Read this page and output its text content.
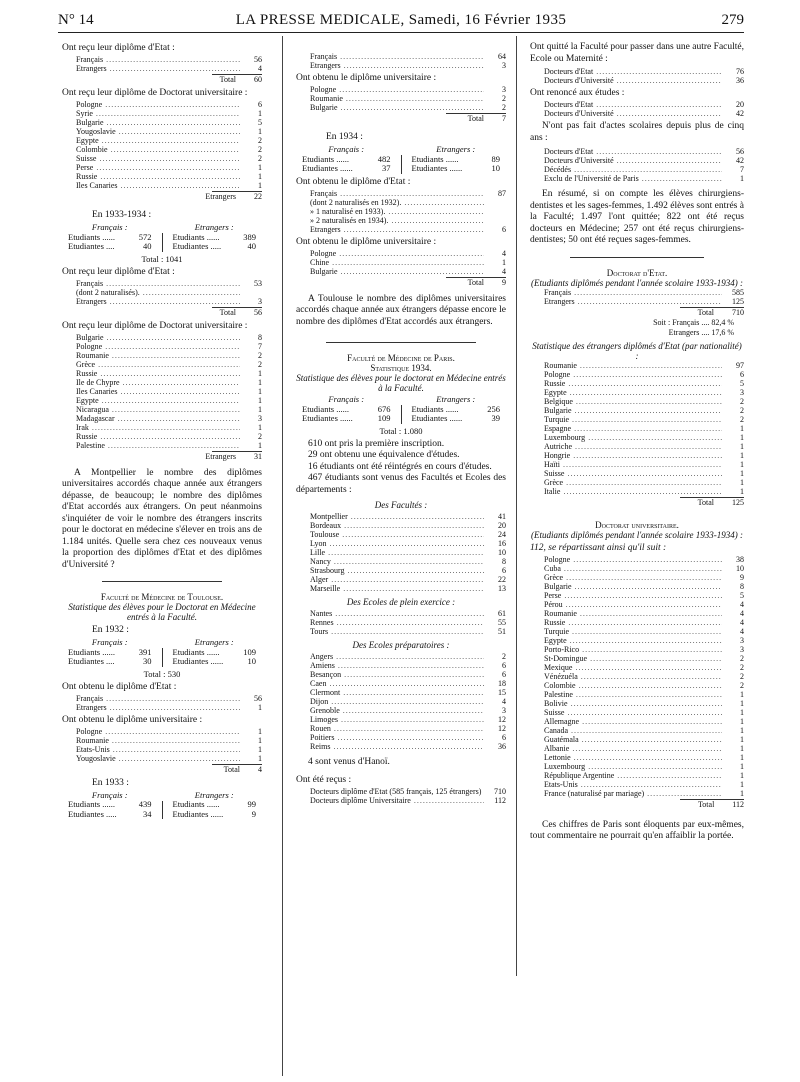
N° 14	LA PRESSE MEDICALE, Samedi, 16 Février 1935	279
Ont reçu leur diplôme d'Etat :
Français .....	56
Etrangers .....	4
Total 60
Ont reçu leur diplôme de Doctorat universitaire :
Pologne .....	6
Syrie .....	1
Bulgarie .....	5
Yougoslavie .....	1
Egypte .....	2
Colombie .....	2
Suisse .....	2
Perse .....	1
Russie .....	1
Iles Canaries .....	1
Etrangers 22
En 1933-1934 :
Français :
Etudiants ......	572
Etudiantes ....	40
Etrangers :
Etudiants ......	389
Etudiantes .....	40
Total : 1041
Ont reçu leur diplôme d'Etat :
Français .....	53
(dont 2 naturalisés). .....
Etrangers .....	3
Total 56
Ont reçu leur diplôme de Doctorat universitaire :
Bulgarie .....	8
Pologne .....	7
Roumanie .....	2
Grèce .....	2
Russie .....	1
Ile de Chypre .....	1
Iles Canaries .....	1
Egypte .....	1
Nicaragua .....	1
Madagascar .....	3
Irak .....	1
Russie .....	2
Palestine .....	1
Etrangers 31
A Montpellier le nombre des diplômes universitaires accordés chaque année aux étrangers dépasse, de beaucoup; le nombre des diplômes d'Etat accordés aux étrangers. On peut néanmoins s'inquiéter de voir le nombre des étrangers inscrits pour le doctorat en médecine s'élever en trois ans de 1.184 unités. Quelle sera chez ces nouveaux venus la proportion des diplômes d'Etat et des diplômes d'Université ?
Faculté de Médecine de Toulouse.
Statistique des élèves pour le Doctorat en Médecine entrés à la Faculté.
En 1932 :
Français :
Etudiants ......	391
Etudiantes ....	30
Etrangers :
Etudiants ......	109
Etudiantes ......	10
Total : 530
Ont obtenu le diplôme d'Etat :
Français .....	56
Etrangers .....	1
Ont obtenu le diplôme universitaire :
Pologne .....	1
Roumanie .....	1
Etats-Unis .....	1
Yougoslavie .....	1
Total 4
En 1933 :
Français :
Etudiants ......	439
Etudiantes .....	34
Etrangers :
Etudiants ......	99
Etudiantes ......	9
Français .....	64
Etrangers .....	3
Ont obtenu le diplôme universitaire :
Pologne .....	3
Roumanie .....	2
Bulgarie .....	2
Total 7
En 1934 :
Français :
Etudiants ......	482
Etudiantes ......	37
Etrangers :
Etudiants ......	89
Etudiantes ......	10
Ont obtenu le diplôme d'Etat :
Français .....	87
(dont 2 naturalisés en 1932). .....
» 1 naturalisé en 1933). .....
» 2 naturalisés en 1934). .....
Etrangers .....	6
Ont obtenu le diplôme universitaire :
Pologne .....	4
Chine .....	1
Bulgarie .....	4
Total 9
A Toulouse le nombre des diplômes universitaires accordés chaque année aux étrangers dépasse encore le nombre des diplômes d'Etat accordés aux étrangers.
Faculté de Médecine de Paris.
Statistique 1934.
Statistique des élèves pour le doctorat en Médecine entrés à la Faculté.
Français :
Etudiants ......	676
Etudiantes ......	109
Etrangers :
Etudiants ......	256
Etudiantes ......	39
Total : 1.080
610 ont pris la première inscription.
29 ont obtenu une équivalence d'études.
16 étudiants ont été réintégrés en cours d'études.
467 étudiants sont venus des Facultés et Ecoles des départements :
Des Facultés :
Montpellier .....	41
Bordeaux .....	20
Toulouse .....	24
Lyon .....	16
Lille .....	10
Nancy .....	8
Strasbourg .....	6
Alger .....	22
Marseille .....	13
Des Ecoles de plein exercice :
Nantes .....	61
Rennes .....	55
Tours .....	51
Des Ecoles préparatoires :
Angers .....	2
Amiens .....	6
Besançon .....	6
Caen .....	18
Clermont .....	15
Dijon .....	4
Grenoble .....	3
Limoges .....	12
Rouen .....	12
Poitiers .....	6
Reims .....	36
4 sont venus d'Hanoï.
Ont été reçus :
Docteurs diplôme d'Etat (585 français, 125 étrangers) .....	710
Docteurs diplôme Universitaire .....	112
Ont quitté la Faculté pour passer dans une autre Faculté, Ecole ou Maternité :
Docteurs d'Etat .....	76
Docteurs d'Université .....	36
Ont renoncé aux études :
Docteurs d'Etat .....	20
Docteurs d'Université .....	42
N'ont pas fait d'actes scolaires depuis plus de cinq ans :
Docteurs d'Etat .....	56
Docteurs d'Université .....	42
Décédés .....	7
Exclu de l'Université de Paris .....	1
En résumé, si on compte les élèves chirurgiens-dentistes et les sages-femmes, 1.492 élèves sont entrés à la Faculté; 1.497 l'ont quittée; 822 ont été reçus docteurs en Médecine; 257 ont été reçus chirurgiens-dentistes; 50 ont été reçues sages-femmes.
Doctorat d'Etat.
(Etudiants diplômés pendant l'année scolaire 1933-1934) :
Français .....	585
Etrangers .....	125
Total 710
Soit : Français .... 82,4 %
Etrangers .... 17,6 %
Statistique des étrangers diplômés d'Etat (par nationalité) :
Roumanie .....	97
Pologne .....	6
Russie .....	5
Egypte .....	3
Belgique .....	2
Bulgarie .....	2
Turquie .....	2
Espagne .....	1
Luxembourg .....	1
Autriche .....	1
Hongrie .....	1
Haïti .....	1
Suisse .....	1
Grèce .....	1
Italie .....	1
Total 125
Doctorat universitaire.
(Etudiants diplômés pendant l'année scolaire 1933-1934) :
112, se répartissant ainsi qu'il suit :
Pologne .....	38
Cuba .....	10
Grèce .....	9
Bulgarie .....	8
Perse .....	5
Pérou .....	4
Roumanie .....	4
Russie .....	4
Turquie .....	4
Egypte .....	3
Porto-Rico .....	3
St-Domingue .....	2
Mexique .....	2
Vénézuéla .....	2
Colombie .....	2
Palestine .....	1
Bolivie .....	1
Suisse .....	1
Allemagne .....	1
Canada .....	1
Guatémala .....	1
Albanie .....	1
Lettonie .....	1
Luxembourg .....	1
République Argentine .....	1
Etats-Unis .....	1
France (naturalisé par mariage) .....	1
Total 112
Ces chiffres de Paris sont éloquents par eux-mêmes, tout commentaire ne pourrait qu'en affaiblir la portée.
